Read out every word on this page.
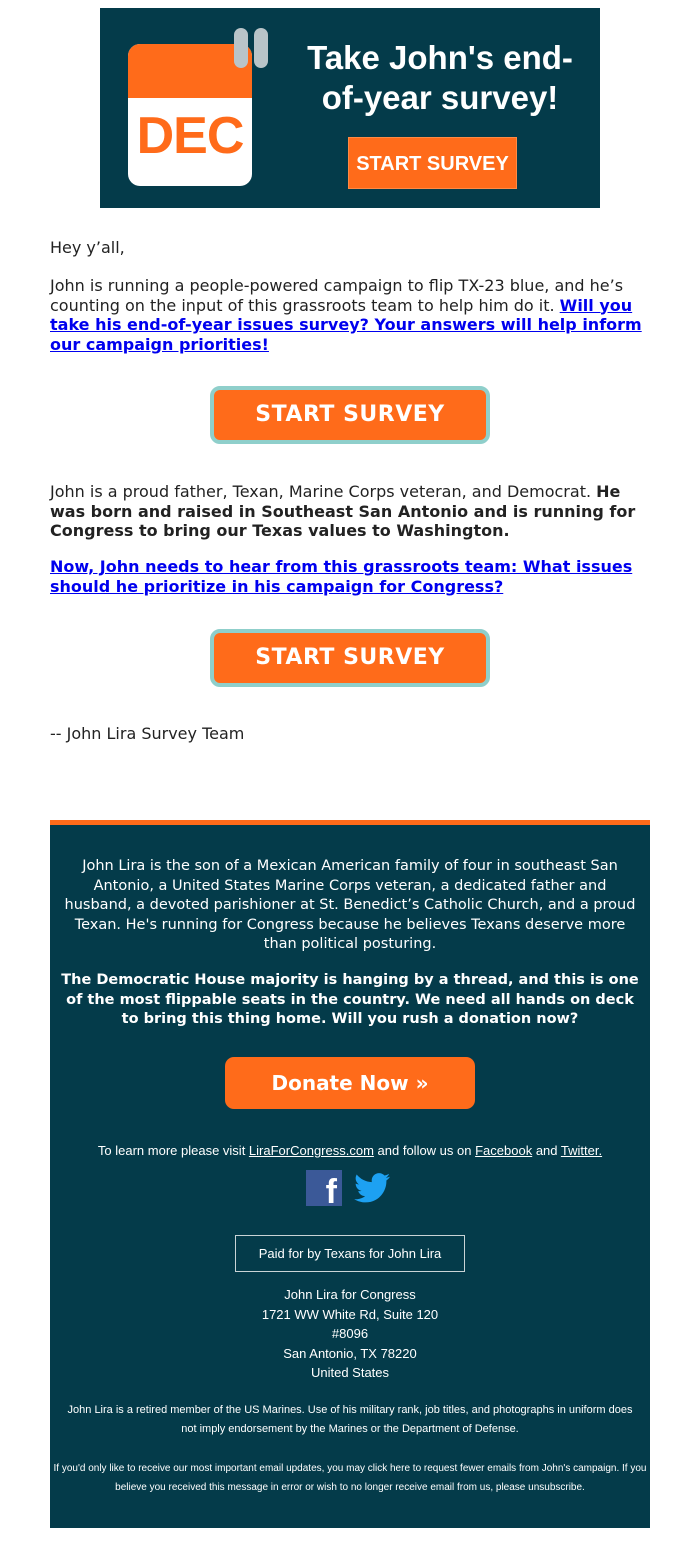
DEC
Take John's end-of-year survey!
START SURVEY
Hey y’all,

John is running a people-powered campaign to flip TX-23 blue, and he’s counting on the input of this grassroots team to help him do it. Will you take his end-of-year issues survey? Your answers will help inform our campaign priorities!

START SURVEY

John is a proud father, Texan, Marine Corps veteran, and Democrat. He was born and raised in Southeast San Antonio and is running for Congress to bring our Texas values to Washington.

Now, John needs to hear from this grassroots team: What issues should he prioritize in his campaign for Congress?

START SURVEY
-- John Lira Survey Team
John Lira is the son of a Mexican American family of four in southeast San Antonio, a United States Marine Corps veteran, a dedicated father and husband, a devoted parishioner at St. Benedict’s Catholic Church, and a proud Texan. He's running for Congress because he believes Texans deserve more than political posturing.
The Democratic House majority is hanging by a thread, and this is one of the most flippable seats in the country. We need all hands on deck to bring this thing home. Will you rush a donation now?
Donate Now »
To learn more please visit LiraForCongress.com and follow us on Facebook and Twitter.
f
Paid for by Texans for John Lira
John Lira for Congress
1721 WW White Rd, Suite 120
#8096
San Antonio, TX 78220
United States
John Lira is a retired member of the US Marines. Use of his military rank, job titles, and photographs in uniform does not imply endorsement by the Marines or the Department of Defense.
If you'd only like to receive our most important email updates, you may click here to request fewer emails from John's campaign. If you believe you received this message in error or wish to no longer receive email from us, please unsubscribe.
